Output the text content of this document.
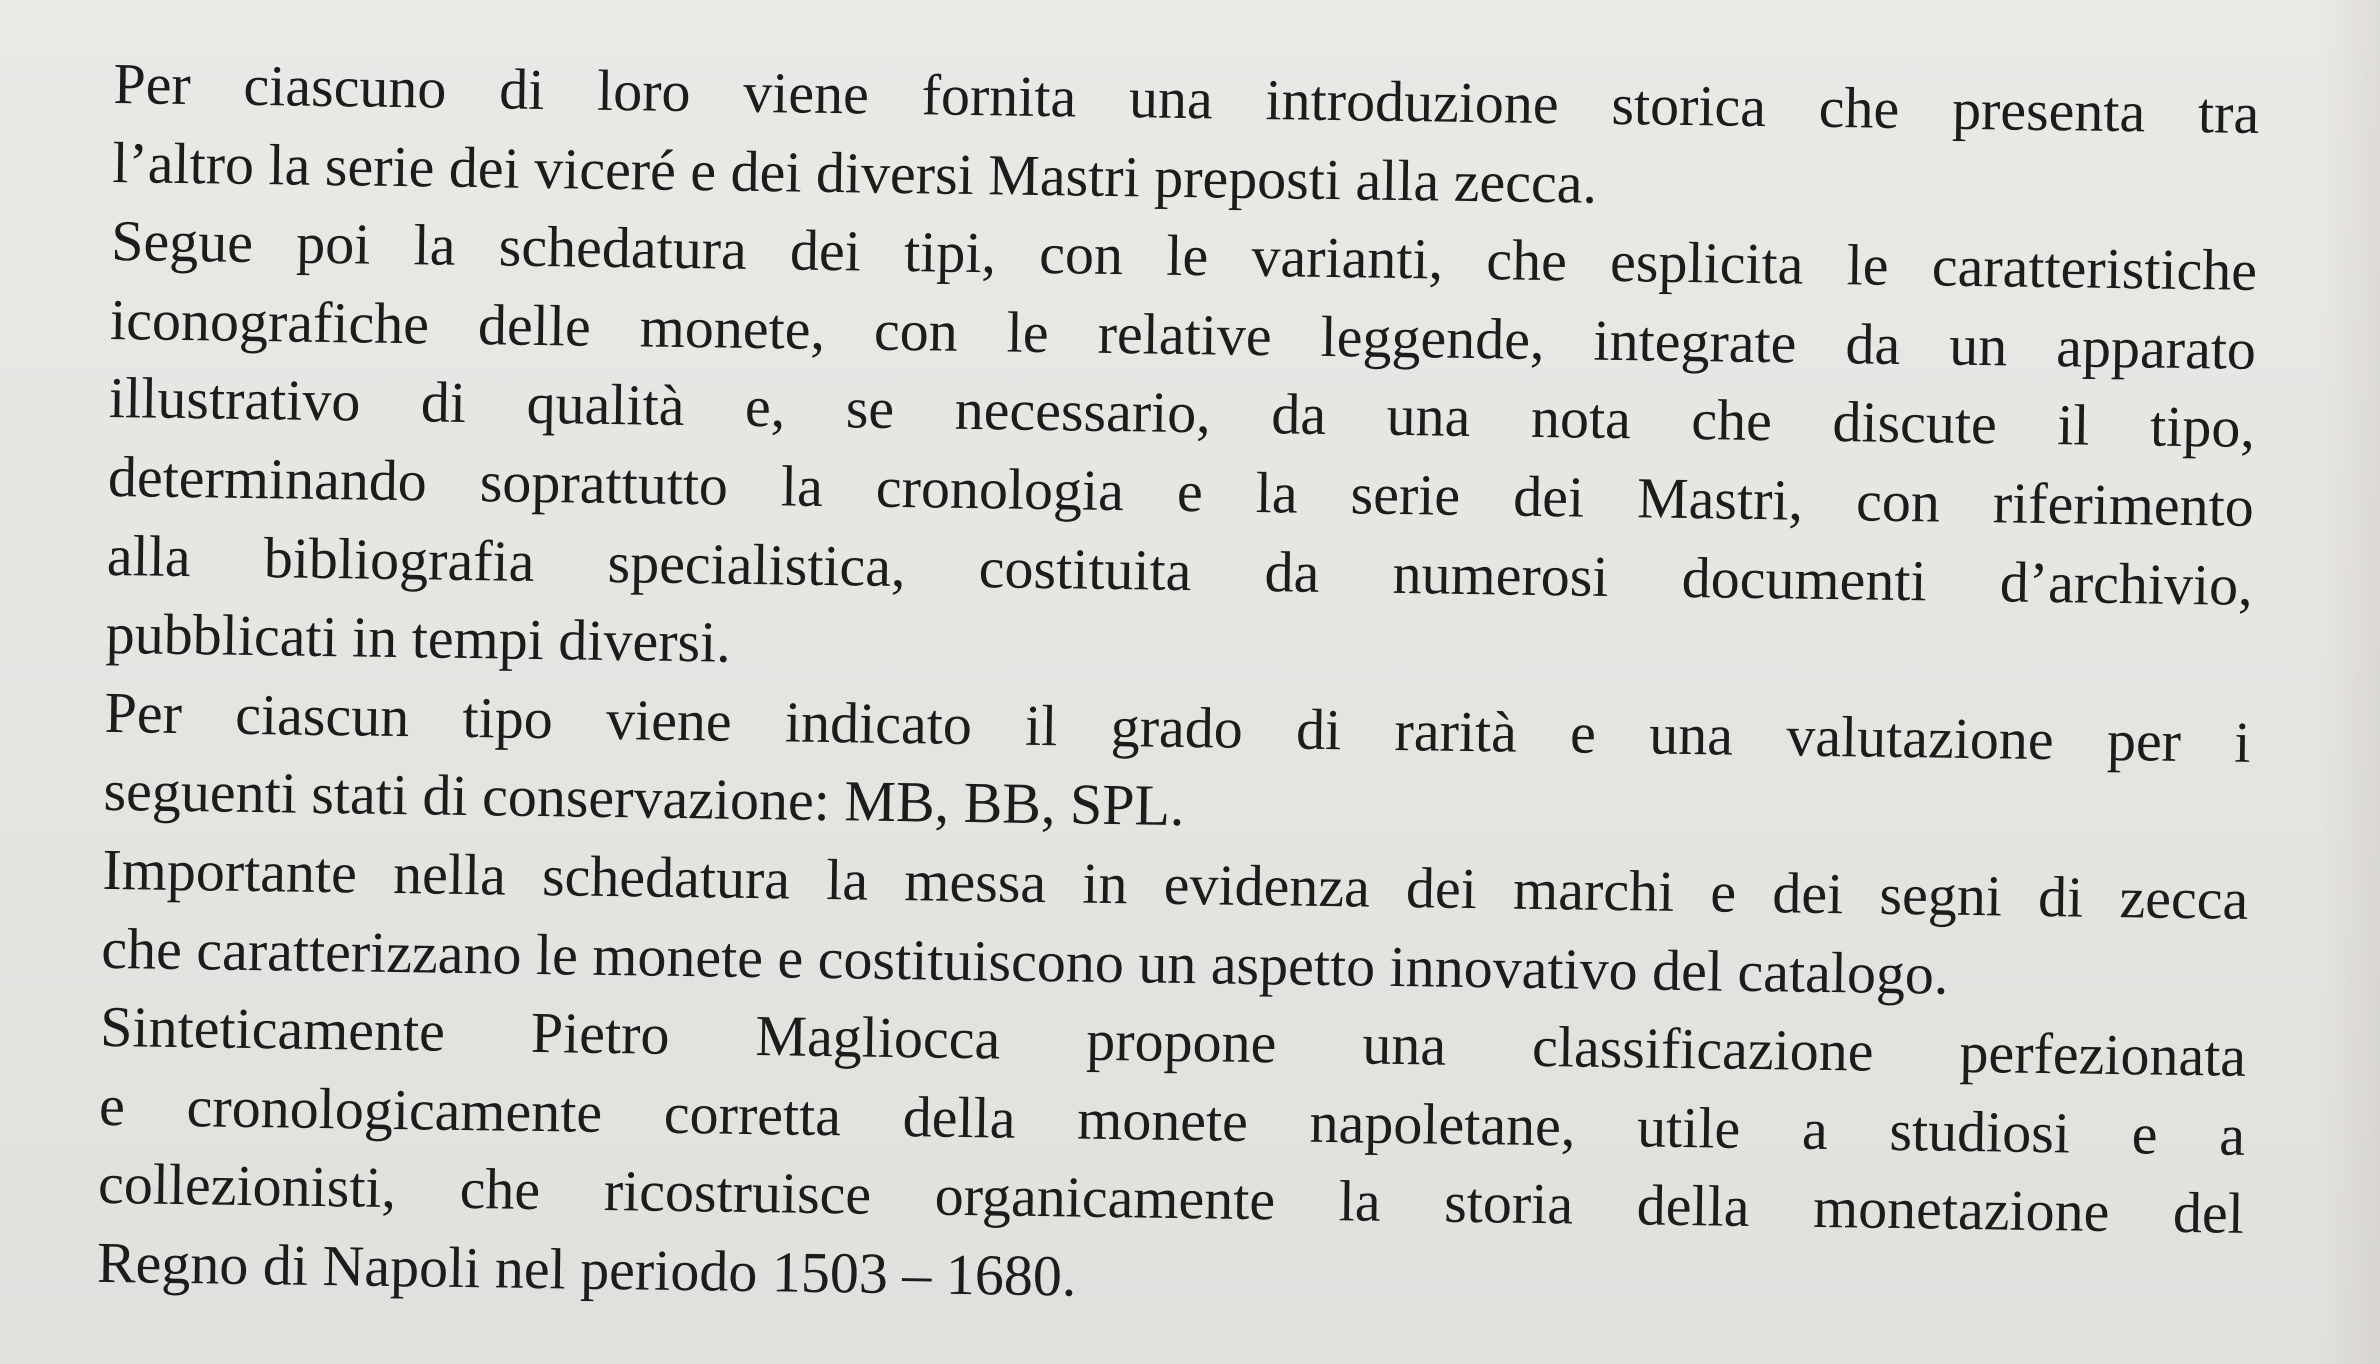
Per ciascuno di loro viene fornita una introduzione storica che presenta tra
l’altro la serie dei viceré e dei diversi Mastri preposti alla zecca.
Segue poi la schedatura dei tipi, con le varianti, che esplicita le caratteristiche
iconografiche delle monete, con le relative leggende, integrate da un apparato
illustrativo di qualità e, se necessario, da una nota che discute il tipo,
determinando soprattutto la cronologia e la serie dei Mastri, con riferimento
alla bibliografia specialistica, costituita da numerosi documenti d’archivio,
pubblicati in tempi diversi.
Per ciascun tipo viene indicato il grado di rarità e una valutazione per i
seguenti stati di conservazione: MB, BB, SPL.
Importante nella schedatura la messa in evidenza dei marchi e dei segni di zecca
che caratterizzano le monete e costituiscono un aspetto innovativo del catalogo.
Sinteticamente Pietro Magliocca propone una classificazione perfezionata
e cronologicamente corretta della monete napoletane, utile a studiosi e a
collezionisti, che ricostruisce organicamente la storia della monetazione del
Regno di Napoli nel periodo 1503 – 1680.
